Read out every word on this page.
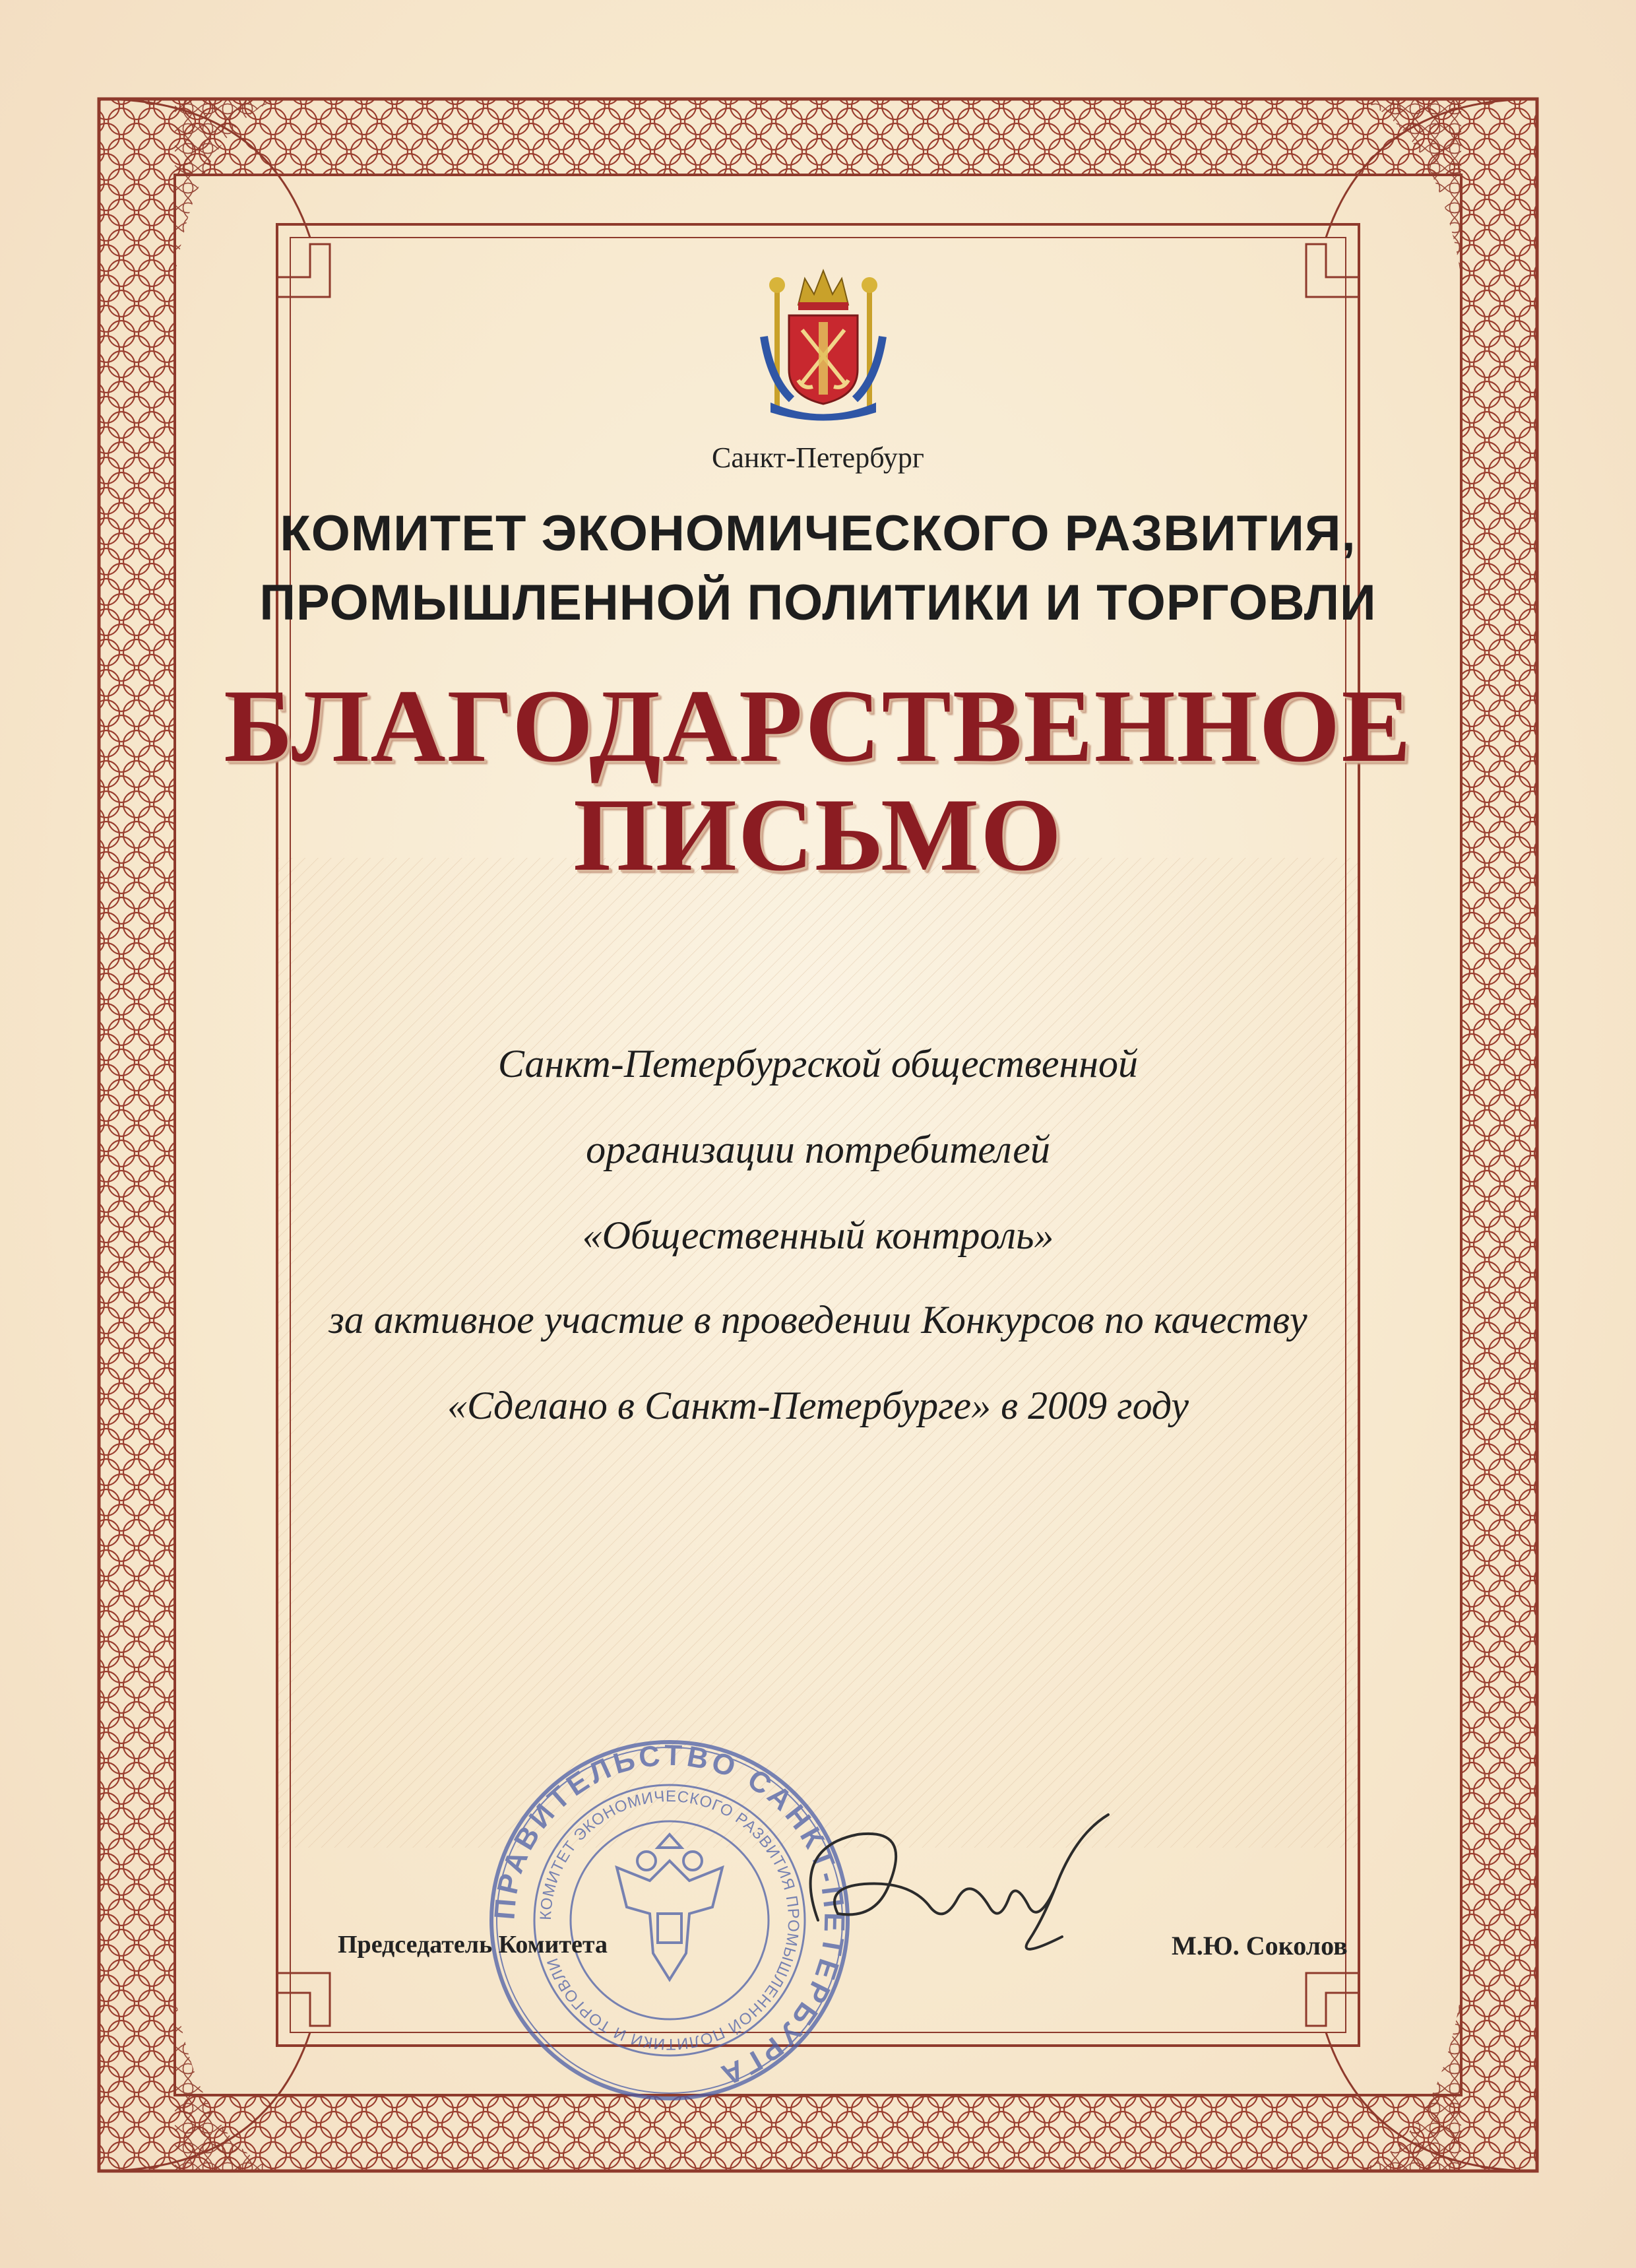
Санкт-Петербург
КОМИТЕТ ЭКОНОМИЧЕСКОГО РАЗВИТИЯ,
ПРОМЫШЛЕННОЙ ПОЛИТИКИ И ТОРГОВЛИ
БЛАГОДАРСТВЕННОЕ
ПИСЬМО
Санкт-Петербургской общественной
организации потребителей
«Общественный контроль»
за активное участие в проведении Конкурсов по качеству
«Сделано в Санкт-Петербурге» в 2009 году
ПРАВИТЕЛЬСТВО САНКТ-ПЕТЕРБУРГА
КОМИТЕТ ЭКОНОМИЧЕСКОГО РАЗВИТИЯ ПРОМЫШЛЕННОЙ ПОЛИТИКИ И ТОРГОВЛИ
Председатель Комитета	М.Ю. Соколов
